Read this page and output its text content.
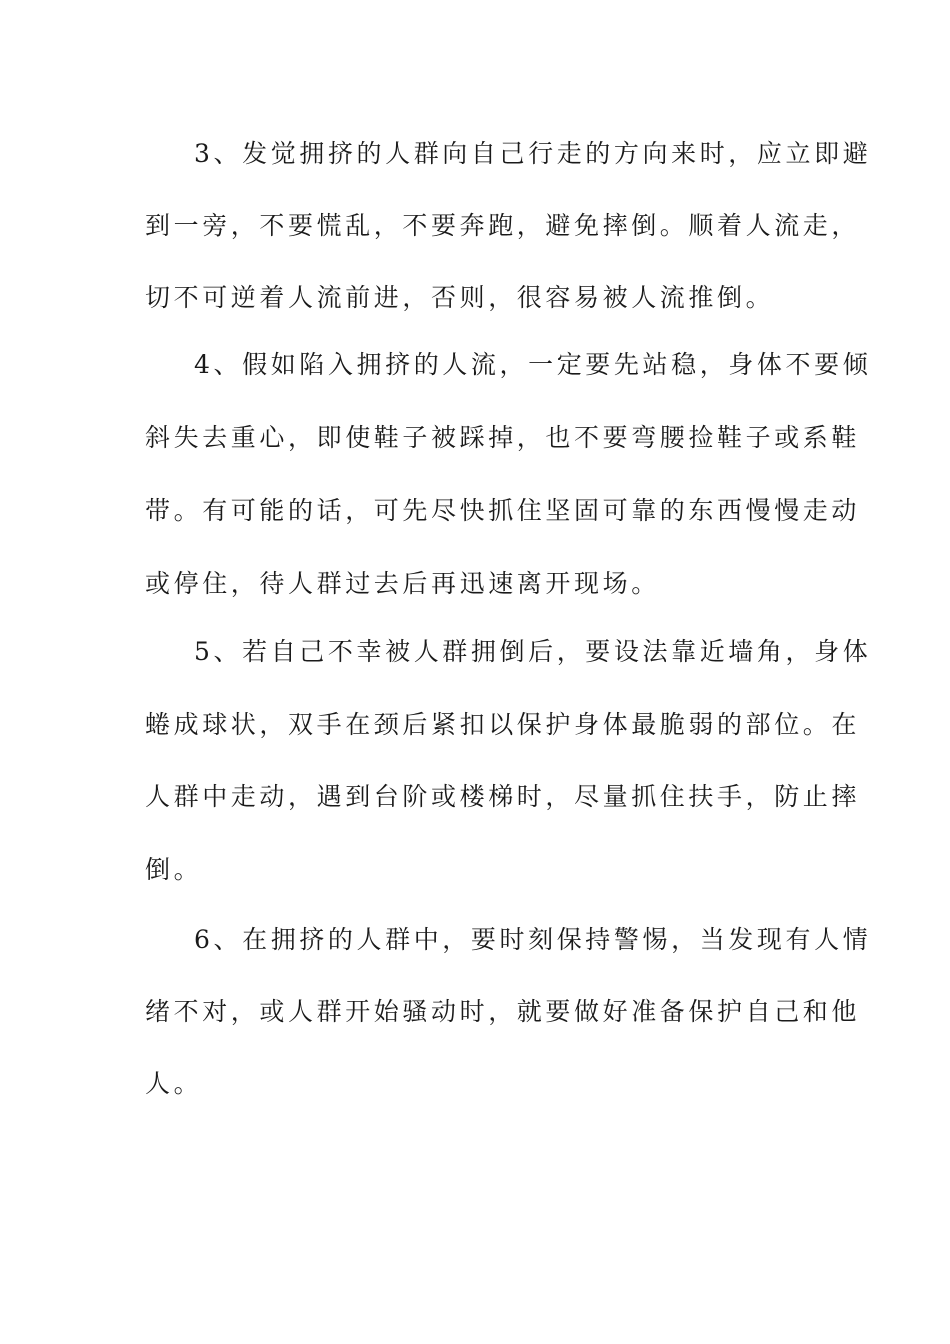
3、发觉拥挤的人群向自己行走的方向来时，应立即避
到一旁，不要慌乱，不要奔跑，避免摔倒。顺着人流走，
切不可逆着人流前进，否则，很容易被人流推倒。
4、假如陷入拥挤的人流，一定要先站稳，身体不要倾
斜失去重心，即使鞋子被踩掉，也不要弯腰捡鞋子或系鞋
带。有可能的话，可先尽快抓住坚固可靠的东西慢慢走动
或停住，待人群过去后再迅速离开现场。
5、若自己不幸被人群拥倒后，要设法靠近墙角，身体
蜷成球状，双手在颈后紧扣以保护身体最脆弱的部位。在
人群中走动，遇到台阶或楼梯时，尽量抓住扶手，防止摔
倒。
6、在拥挤的人群中，要时刻保持警惕，当发现有人情
绪不对，或人群开始骚动时，就要做好准备保护自己和他
人。
